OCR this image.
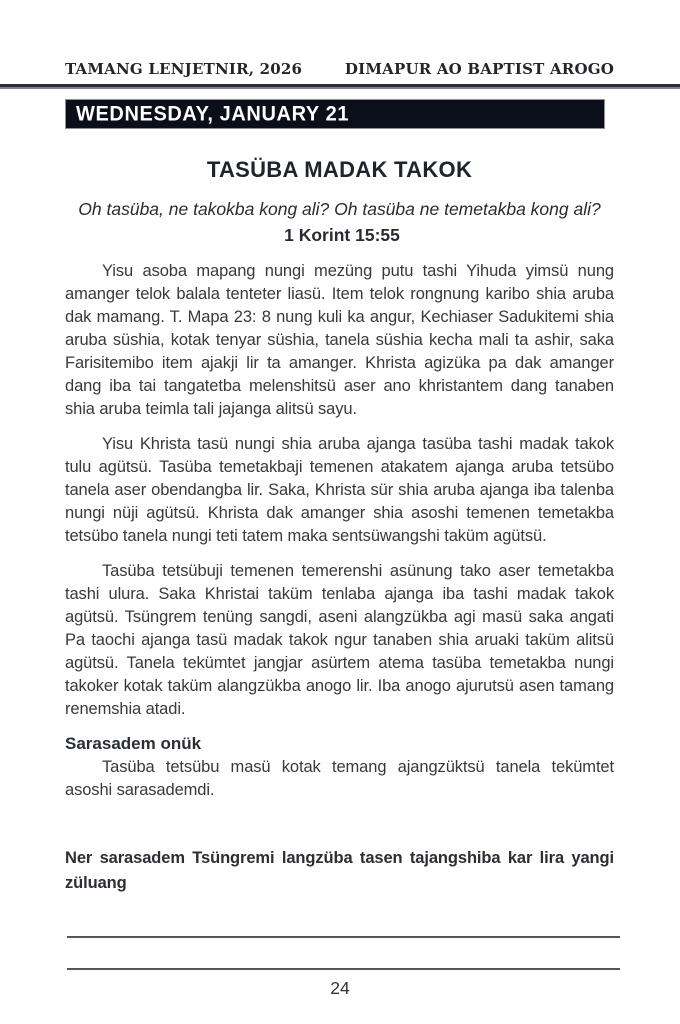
TAMANG LENJETNIR, 2026	DIMAPUR AO BAPTIST AROGO
WEDNESDAY, JANUARY 21
TASÜBA MADAK TAKOK
Oh tasüba, ne takokba kong ali? Oh tasüba ne temetakba kong ali? 1 Korint 15:55

Yisu asoba mapang nungi mezüng putu tashi Yihuda yimsü nung amanger telok balala tenteter liasü. Item telok rongnung karibo shia aruba dak mamang. T. Mapa 23: 8 nung kuli ka angur, Kechiaser Sadukitemi shia aruba süshia, kotak tenyar süshia, tanela süshia kecha mali ta ashir, saka Farisitemibo item ajakji lir ta amanger. Khrista agizüka pa dak amanger dang iba tai tangatetba melenshitsü aser ano khristantem dang tanaben shia aruba teimla tali jajanga alitsü sayu.

Yisu Khrista tasü nungi shia aruba ajanga tasüba tashi madak takok tulu agütsü. Tasüba temetakbaji temenen atakatem ajanga aruba tetsübo tanela aser obendangba lir. Saka, Khrista sür shia aruba ajanga iba talenba nungi nüji agütsü. Khrista dak amanger shia asoshi temenen temetakba tetsübo tanela nungi teti tatem maka sentsüwangshi taküm agütsü.

Tasüba tetsübuji temenen temerenshi asünung tako aser temetakba tashi ulura. Saka Khristai taküm tenlaba ajanga iba tashi madak takok agütsü. Tsüngrem tenüng sangdi, aseni alangzükba agi masü saka angati Pa taochi ajanga tasü madak takok ngur tanaben shia aruaki taküm alitsü agütsü. Tanela tekümtet jangjar asürtem atema tasüba temetakba nungi takoker kotak taküm alangzükba anogo lir. Iba anogo ajurutsü asen tamang renemshia atadi.

Sarasadem onük

Tasüba tetsübu masü kotak temang ajangzüktsü tanela tekümtet asoshi sarasademdi.

Ner sarasadem Tsüngremi langzüba tasen tajangshiba kar lira yangi züluang

24
